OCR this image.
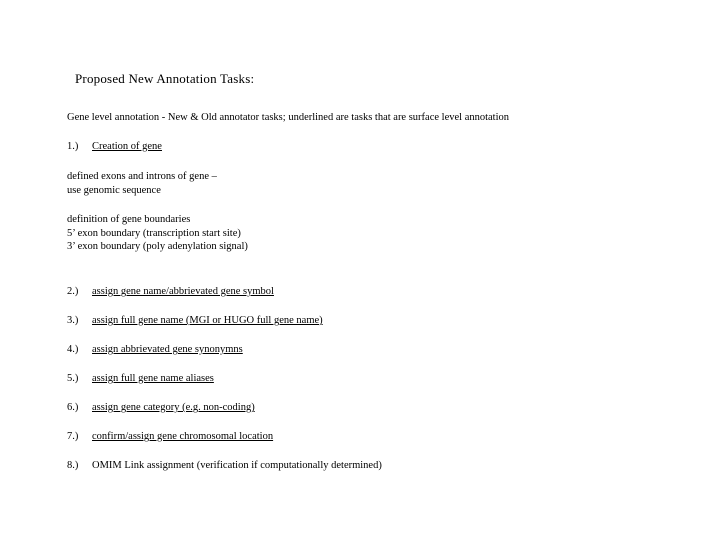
Proposed New Annotation Tasks:
Gene level annotation - New & Old annotator tasks; underlined are tasks that are surface level annotation
1.) Creation of gene
defined exons and introns of gene –
use genomic sequence
definition of gene boundaries
5’ exon boundary (transcription start site)
3’ exon boundary (poly adenylation signal)
2.) assign gene name/abbrievated gene symbol
3.) assign full gene name (MGI or HUGO full gene name)
4.) assign abbrievated gene synonymns
5.) assign full gene name aliases
6.) assign gene category (e.g. non-coding)
7.) confirm/assign gene chromosomal location
8.) OMIM Link assignment (verification if computationally determined)
